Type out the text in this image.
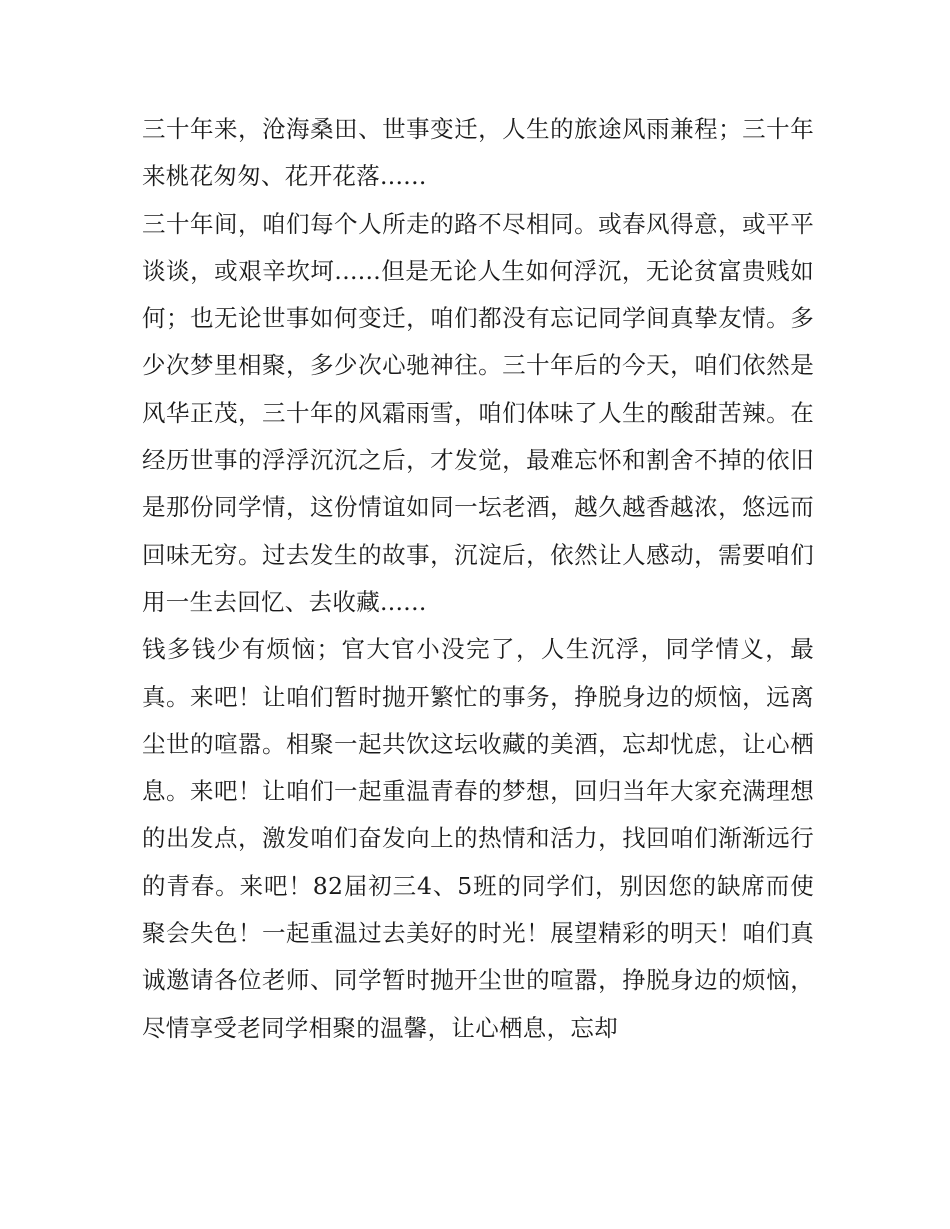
三十年来，沧海桑田、世事变迁，人生的旅途风雨兼程；三十年来桃花匆匆、花开花落......

三十年间，咱们每个人所走的路不尽相同。或春风得意，或平平谈谈，或艰辛坎坷......但是无论人生如何浮沉，无论贫富贵贱如何；也无论世事如何变迁，咱们都没有忘记同学间真挚友情。多少次梦里相聚，多少次心驰神往。三十年后的今天，咱们依然是风华正茂，三十年的风霜雨雪，咱们体味了人生的酸甜苦辣。在经历世事的浮浮沉沉之后，才发觉，最难忘怀和割舍不掉的依旧是那份同学情，这份情谊如同一坛老酒，越久越香越浓，悠远而回味无穷。过去发生的故事，沉淀后，依然让人感动，需要咱们用一生去回忆、去收藏......

钱多钱少有烦恼；官大官小没完了，人生沉浮，同学情义，最真。来吧！让咱们暂时抛开繁忙的事务，挣脱身边的烦恼，远离尘世的喧嚣。相聚一起共饮这坛收藏的美酒，忘却忧虑，让心栖息。来吧！让咱们一起重温青春的梦想，回归当年大家充满理想的出发点，激发咱们奋发向上的热情和活力，找回咱们渐渐远行的青春。来吧！82届初三4、5班的同学们，别因您的缺席而使聚会失色！一起重温过去美好的时光！展望精彩的明天！咱们真诚邀请各位老师、同学暂时抛开尘世的喧嚣，挣脱身边的烦恼，尽情享受老同学相聚的温馨，让心栖息，忘却
